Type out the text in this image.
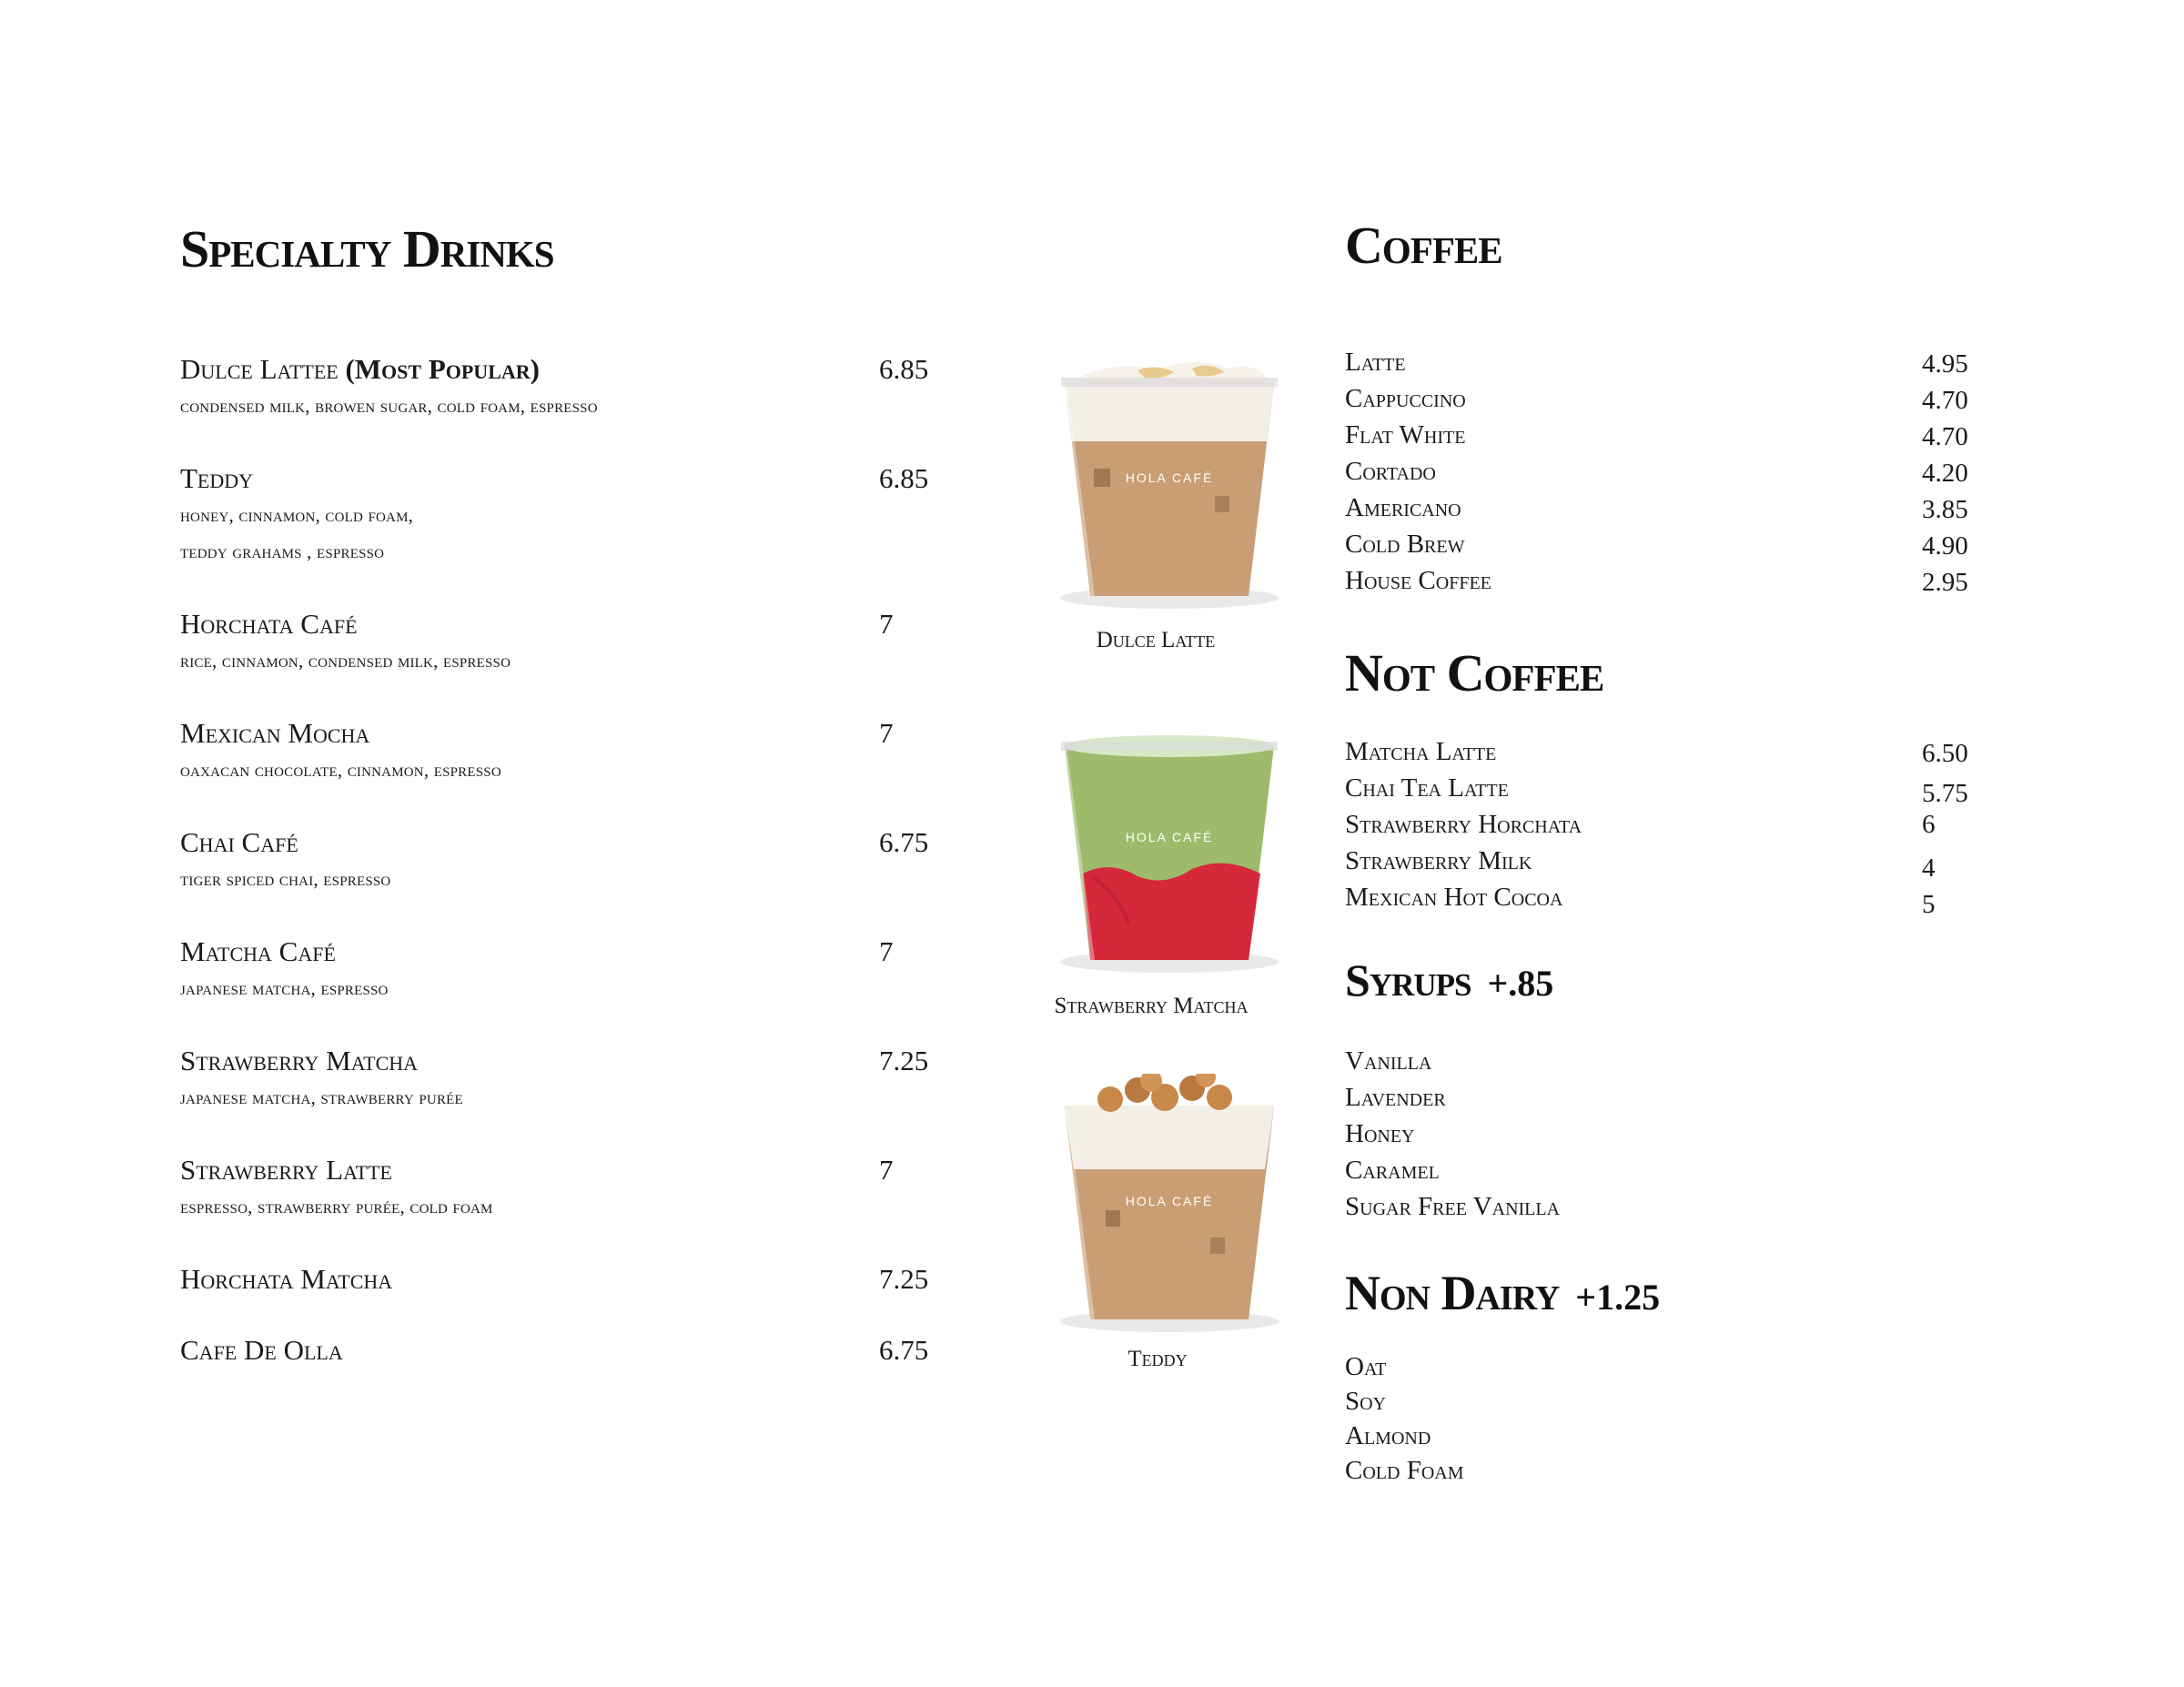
Specialty Drinks
Dulce Lattee (Most Popular)	6.85
condensed milk, browen sugar, cold foam, espresso
Teddy	6.85
honey, cinnamon, cold foam,
teddy grahams , espresso
Horchata Café	7
rice, cinnamon, condensed milk, espresso
Mexican Mocha	7
oaxacan chocolate, cinnamon, espresso
Chai Café	6.75
tiger spiced chai, espresso
Matcha Café	7
japanese matcha, espresso
Strawberry Matcha	7.25
japanese matcha, strawberry purée
Strawberry Latte	7
espresso, strawberry purée, cold foam
Horchata Matcha	7.25
Cafe De Olla	6.75
HOLA CAFÉ
Dulce Latte
HOLA CAFÉ
Strawberry Matcha
HOLA CAFÉ
Teddy
Coffee
Latte	4.95
Cappuccino	4.70
Flat White	4.70
Cortado	4.20
Americano	3.85
Cold Brew	4.90
House Coffee	2.95
Not Coffee
Matcha Latte	6.50
Chai Tea Latte	5.75
Strawberry Horchata	6
Strawberry Milk	4
Mexican Hot Cocoa	5
Syrups +.85
Vanilla
Lavender
Honey
Caramel
Sugar Free Vanilla
Non Dairy +1.25
Oat
Soy
Almond
Cold Foam
